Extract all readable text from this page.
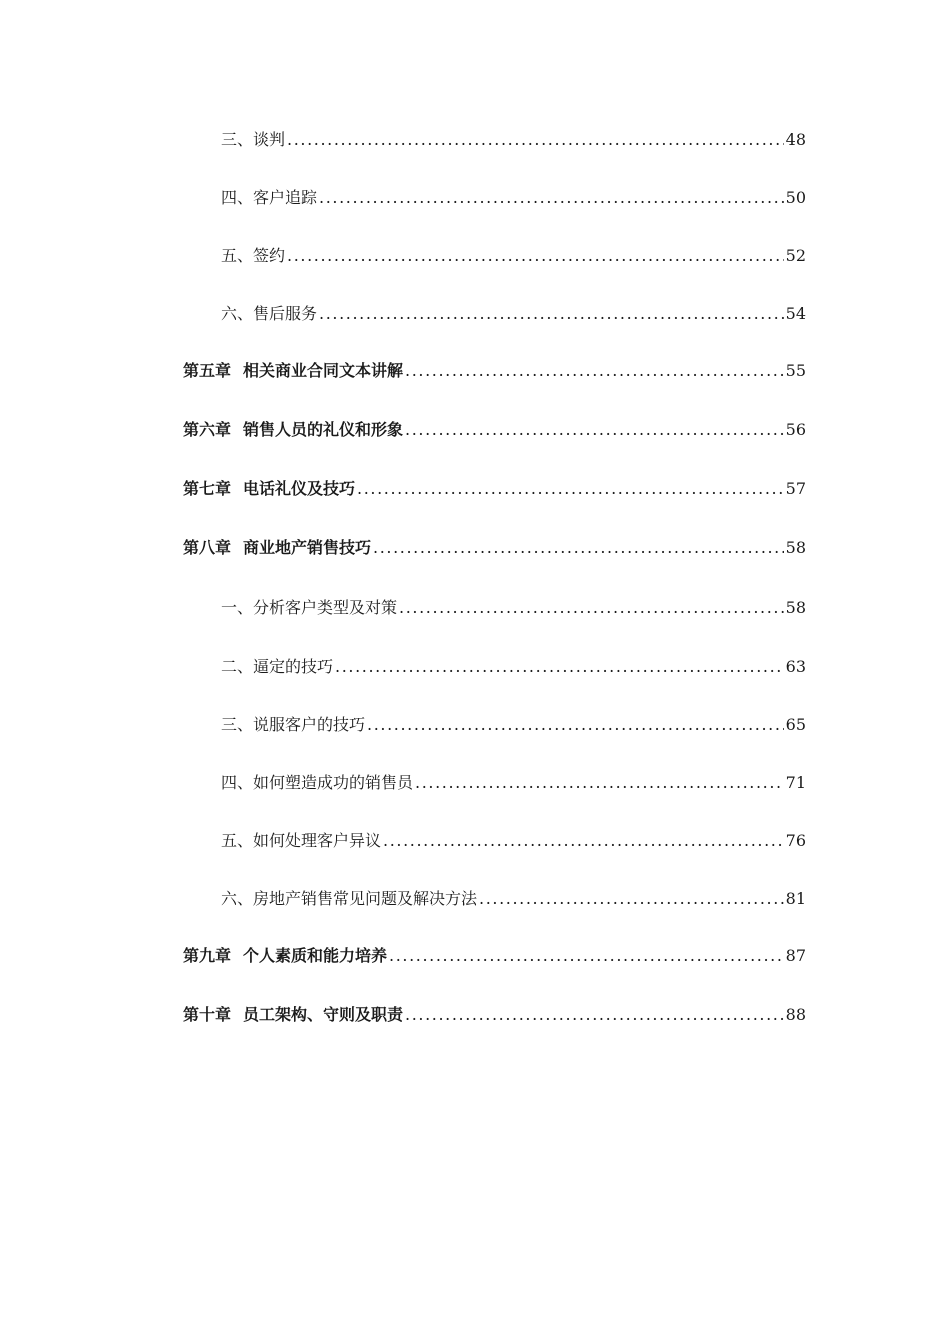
三、谈判 .....	48
四、客户追踪 .....	50
五、签约 .....	52
六、售后服务 .....	54
第五章 相关商业合同文本讲解 .....	55
第六章 销售人员的礼仪和形象 .....	56
第七章 电话礼仪及技巧 .....	57
第八章 商业地产销售技巧 .....	58
一、分析客户类型及对策 .....	58
二、逼定的技巧 .....	63
三、说服客户的技巧 .....	65
四、如何塑造成功的销售员 .....	71
五、如何处理客户异议 .....	76
六、房地产销售常见问题及解决方法 .....	81
第九章 个人素质和能力培养 .....	87
第十章 员工架构、守则及职责 .....	88
